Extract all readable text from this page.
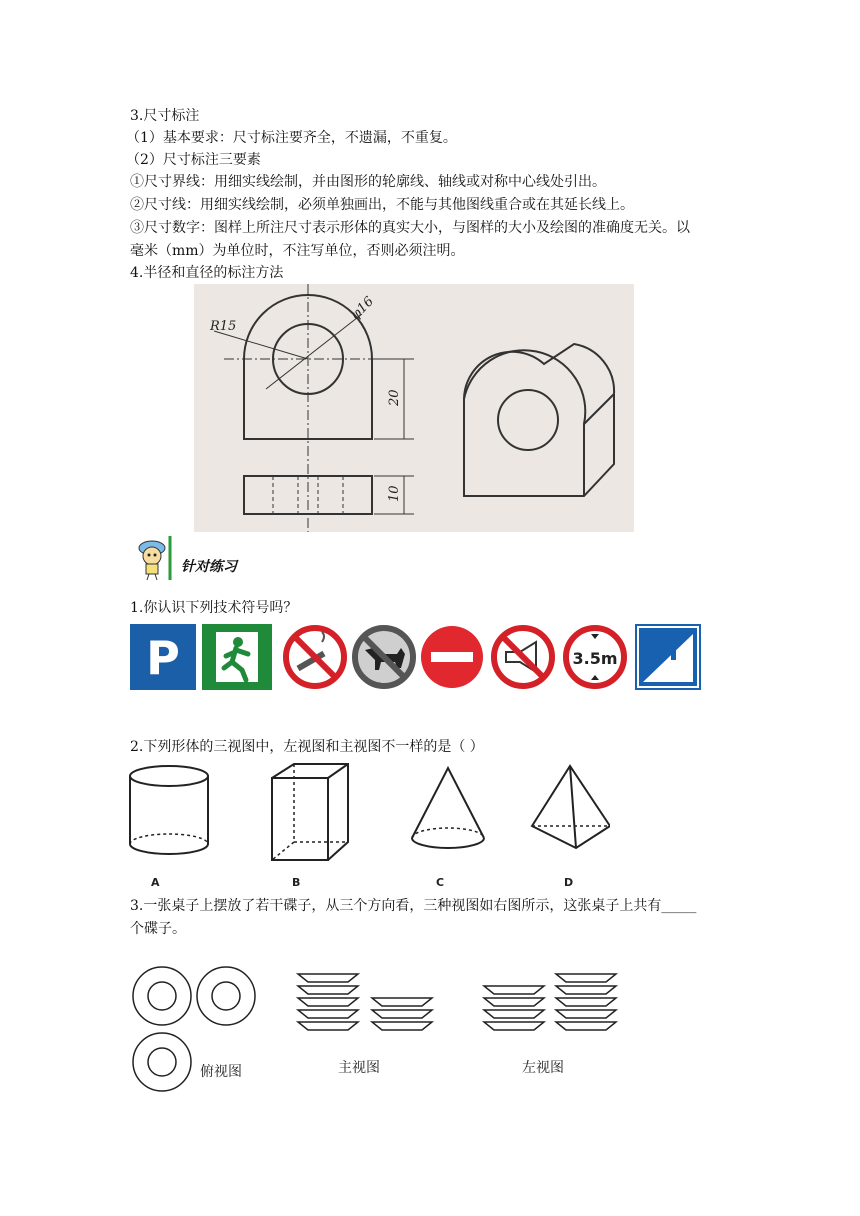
3.尺寸标注
（1）基本要求：尺寸标注要齐全，不遗漏，不重复。
（2）尺寸标注三要素
①尺寸界线：用细实线绘制，并由图形的轮廓线、轴线或对称中心线处引出。
②尺寸线：用细实线绘制，必须单独画出，不能与其他图线重合或在其延长线上。
③尺寸数字：图样上所注尺寸表示形体的真实大小，与图样的大小及绘图的准确度无关。以
毫米（mm）为单位时，不注写单位，否则必须注明。
4.半径和直径的标注方法
R15
φ16
20
10
针对练习
1.你认识下列技术符号吗？
P	3.5m
2.下列形体的三视图中，左视图和主视图不一样的是（ ）
A	B	C	D
3.一张桌子上摆放了若干碟子，从三个方向看，三种视图如右图所示，这张桌子上共有_____
个碟子。
俯视图	主视图	左视图
